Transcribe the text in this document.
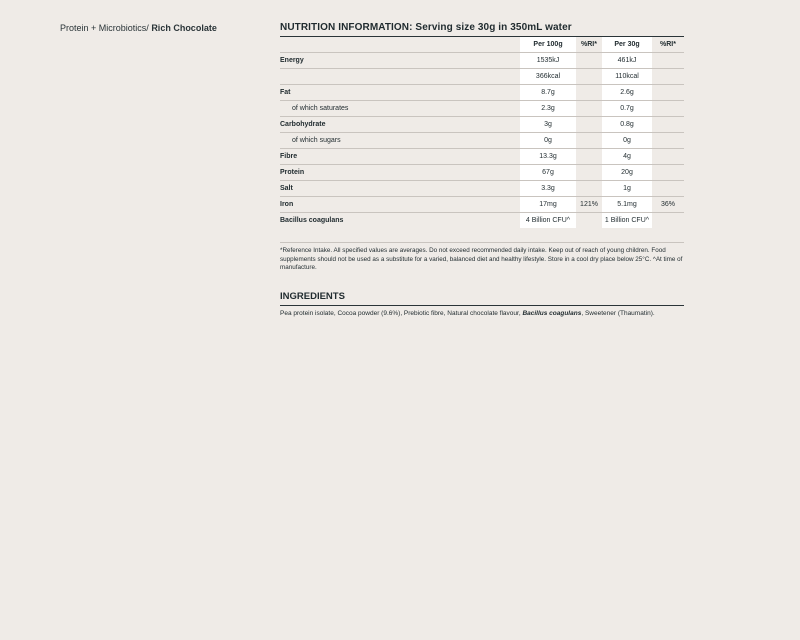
Protein + Microbiotics/ Rich Chocolate	NUTRITION INFORMATION: Serving size 30g in 350mL water
	Per 100g	%RI*	Per 30g	%RI*
Energy	1535kJ		461kJ	
	366kcal		110kcal	
Fat	8.7g		2.6g	
of which saturates	2.3g		0.7g	
Carbohydrate	3g		0.8g	
of which sugars	0g		0g	
Fibre	13.3g		4g	
Protein	67g		20g	
Salt	3.3g		1g	
Iron	17mg	121%	5.1mg	36%
Bacillus coagulans	4 Billion CFU^		1 Billion CFU^	
*Reference Intake. All specified values are averages. Do not exceed recommended daily intake. Keep out of reach of young children. Food supplements should not be used as a substitute for a varied, balanced diet and healthy lifestyle. Store in a cool dry place below 25°C. ^At time of manufacture.
INGREDIENTS
Pea protein isolate, Cocoa powder (9.6%), Prebiotic fibre, Natural chocolate flavour, Bacillus coagulans, Sweetener (Thaumatin).
